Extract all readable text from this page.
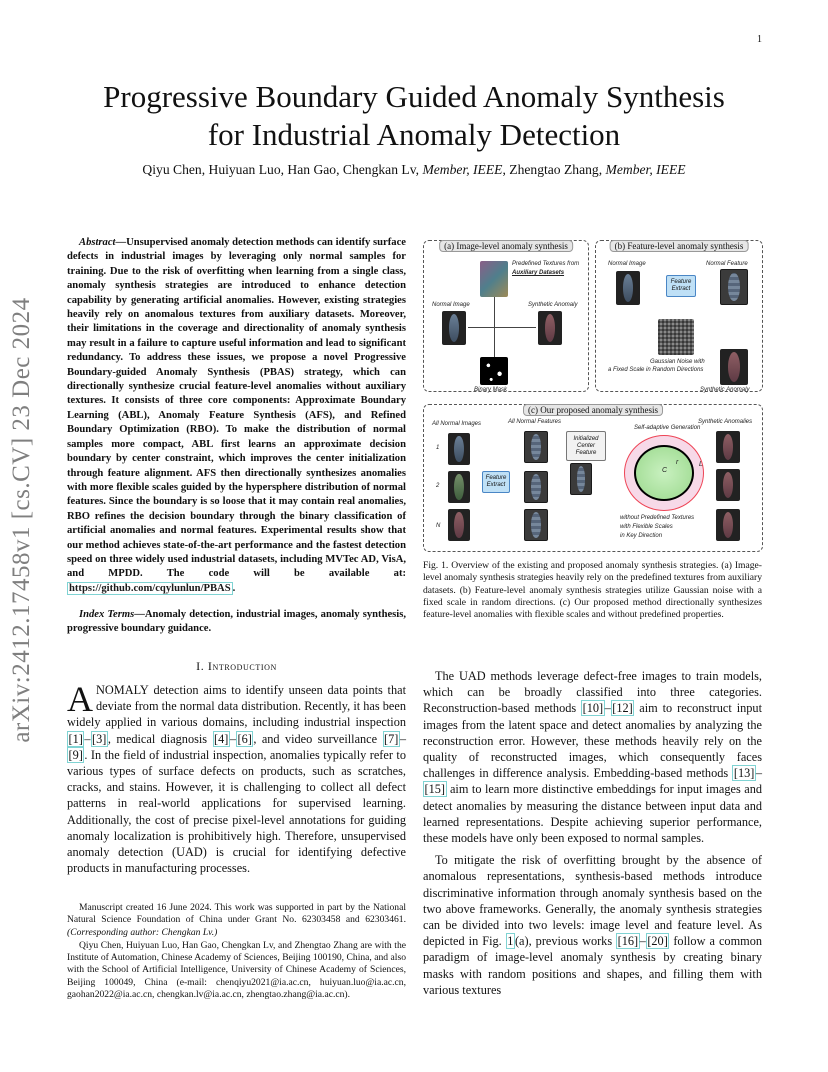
1
arXiv:2412.17458v1 [cs.CV] 23 Dec 2024
Progressive Boundary Guided Anomaly Synthesis
for Industrial Anomaly Detection
Qiyu Chen, Huiyuan Luo, Han Gao, Chengkan Lv, Member, IEEE, Zhengtao Zhang, Member, IEEE
Abstract—Unsupervised anomaly detection methods can identify surface defects in industrial images by leveraging only normal samples for training. Due to the risk of overfitting when learning from a single class, anomaly synthesis strategies are introduced to enhance detection capability by generating artificial anomalies. However, existing strategies heavily rely on anomalous textures from auxiliary datasets. Moreover, their limitations in the coverage and directionality of anomaly synthesis may result in a failure to capture useful information and lead to significant redundancy. To address these issues, we propose a novel Progressive Boundary-guided Anomaly Synthesis (PBAS) strategy, which can directionally synthesize crucial feature-level anomalies without auxiliary textures. It consists of three core components: Approximate Boundary Learning (ABL), Anomaly Feature Synthesis (AFS), and Refined Boundary Optimization (RBO). To make the distribution of normal samples more compact, ABL first learns an approximate decision boundary by center constraint, which improves the center initialization through feature alignment. AFS then directionally synthesizes anomalies with more flexible scales guided by the hypersphere distribution of normal features. Since the boundary is so loose that it may contain real anomalies, RBO refines the decision boundary through the binary classification of artificial anomalies and normal features. Experimental results show that our method achieves state-of-the-art performance and the fastest detection speed on three widely used industrial datasets, including MVTec AD, VisA, and MPDD. The code will be available at: https://github.com/cqylunlun/PBAS .
Index Terms—Anomaly detection, industrial images, anomaly synthesis, progressive boundary guidance.
I. Introduction
ANOMALY detection aims to identify unseen data points that deviate from the normal data distribution. Recently, it has been widely applied in various domains, including industrial inspection [1] – [3] , medical diagnosis [4] – [6] , and video surveillance [7] –[9] . In the field of industrial inspection, anomalies typically refer to various types of surface defects on products, such as scratches, cracks, and stains. However, it is challenging to collect all defect patterns in real-world applications for supervised learning. Additionally, the cost of precise pixel-level annotations for guiding anomaly localization is prohibitively high. Therefore, unsupervised anomaly detection (UAD) is crucial for identifying defective products in manufacturing processes.

Manuscript created 16 June 2024. This work was supported in part by the National Natural Science Foundation of China under Grant No. 62303458 and 62303461. (Corresponding author: Chengkan Lv.)

Qiyu Chen, Huiyuan Luo, Han Gao, Chengkan Lv, and Zhengtao Zhang are with the Institute of Automation, Chinese Academy of Sciences, Beijing 100190, China, and also with the School of Artificial Intelligence, University of Chinese Academy of Sciences, Beijing 100049, China (e-mail: chenqiyu2021@ia.ac.cn, huiyuan.luo@ia.ac.cn, gaohan2022@ia.ac.cn, chengkan.lv@ia.ac.cn, zhengtao.zhang@ia.ac.cn).

(a) Image-level anomaly synthesis
Predefined Textures from
Auxiliary Datasets
Normal Image	Synthetic Anomaly
Binary Mask
(b) Feature-level anomaly synthesis
Normal Image
Feature Extract
Normal Feature
Gaussian Noise with
a Fixed Scale in Random Directions
Synthetic Anomaly
(c) Our proposed anomaly synthesis
All Normal Images	All Normal Features	Synthetic Anomalies
1
2
N
Feature Extract
Initialized Center Feature
Self-adaptive Generation
C
r	L
without Predefined Textures
with Flexible Scales
in Key Direction
Fig. 1. Overview of the existing and proposed anomaly synthesis strategies. (a) Image-level anomaly synthesis strategies heavily rely on the predefined textures from auxiliary datasets. (b) Feature-level anomaly synthesis strategies utilize Gaussian noise with a fixed scale in random directions. (c) Our proposed method directionally synthesizes feature-level anomalies with flexible scales and without predefined properties.

The UAD methods leverage defect-free images to train models, which can be broadly classified into three categories. Reconstruction-based methods [10] – [12] aim to reconstruct input images from the latent space and detect anomalies by analyzing the reconstruction error. However, these methods heavily rely on the quality of reconstructed images, which consequently faces challenges in difference analysis. Embedding-based methods [13] –[15] aim to learn more distinctive embeddings for input images and detect anomalies by measuring the distance between input data and learned representations. Despite achieving superior performance, these models have only been exposed to normal samples.

To mitigate the risk of overfitting brought by the absence of anomalous representations, synthesis-based methods introduce discriminative information through anomaly synthesis based on the two above frameworks. Generally, the anomaly synthesis strategies can be divided into two levels: image level and feature level. As depicted in Fig. 1 (a), previous works [16] – [20] follow a common paradigm of image-level anomaly synthesis by creating binary masks with random positions and shapes, and filling them with various textures
